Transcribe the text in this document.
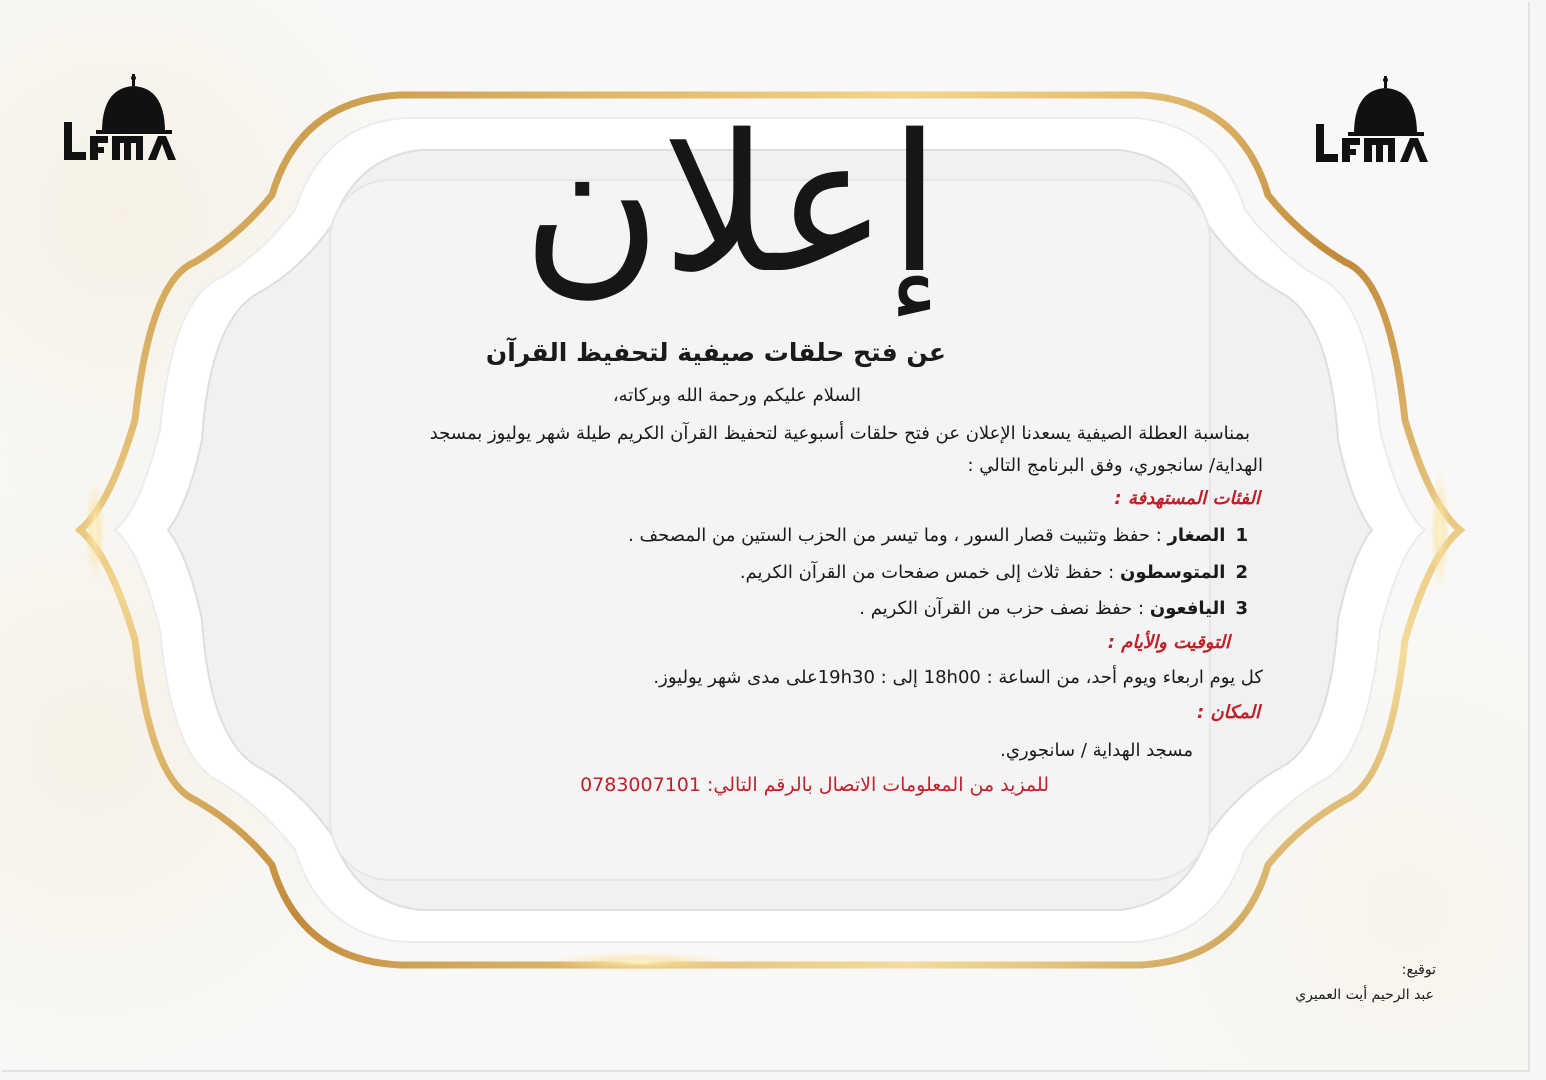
إعلان
عن فتح حلقات صيفية لتحفيظ القرآن
السلام عليكم ورحمة الله وبركاته،
بمناسبة العطلة الصيفية يسعدنا الإعلان عن فتح حلقات أسبوعية لتحفيظ القرآن الكريم طيلة شهر يوليوز بمسجد
الهداية/ سانجوري، وفق البرنامج التالي :
الفئات المستهدفة :
1الصغار : حفظ وتثبيت قصار السور ، وما تيسر من الحزب الستين من المصحف .
2المتوسطون : حفظ ثلاث إلى خمس صفحات من القرآن الكريم.
3اليافعون : حفظ نصف حزب من القرآن الكريم .
التوقيت والأيام :
كل يوم اربعاء ويوم أحد، من الساعة : 18h00 إلى : 19h30على مدى شهر يوليوز.
المكان :
مسجد الهداية / سانجوري.
للمزيد من المعلومات الاتصال بالرقم التالي: 0783007101
توقيع:
عبد الرحيم أيت العميري
